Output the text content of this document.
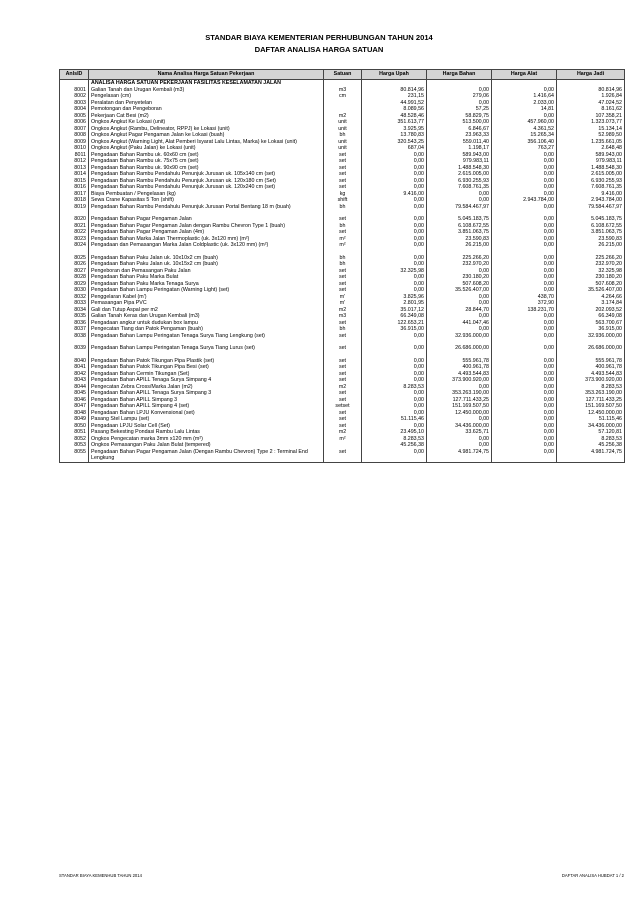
STANDAR BIAYA KEMENTERIAN PERHUBUNGAN TAHUN 2014
DAFTAR ANALISA HARGA SATUAN
AnlsID	Nama Analisa Harga Satuan Pekerjaan	Satuan	Harga Upah	Harga Bahan	Harga Alat	Harga Jadi
	ANALISA HARGA SATUAN PEKERJAAN FASILITAS KESELAMATAN JALAN					
8001	Galian Tanah dan Urugan Kembali (m3)	m3	80.814,96	0,00	0,00	80.814,96
8002	Pengelasan (cm)	cm	231,15	279,06	1.416,64	1.926,84
8003	Peralatan dan Penyetelan		44.991,52	0,00	2.033,00	47.024,52
8004	Pemotongan dan Pengeboran		8.089,56	57,25	14,81	8.161,62
8005	Pekerjaan Cat Besi (m2)	m2	48.528,46	58.829,75	0,00	107.358,21
8006	Ongkos Angkut Ke Lokasi (unit)	unit	351.613,77	513.500,00	457.960,00	1.323.073,77
8007	Ongkos Angkut (Rambu, Delineator, RPPJ) ke Lokasi (unit)	unit	3.925,95	6.846,67	4.361,52	15.134,14
8008	Ongkos Angkut Pagar Pengaman Jalan ke Lokasi (buah)	bh	13.780,83	23.963,33	15.265,34	52.989,50
8009	Ongkos Angkut (Warning Light, Alat Pemberi Isyarat Lalu Lintas, Marka) ke Lokasi (unit)	unit	320.543,25	559.011,40	356.106,40	1.235.661,05
8010	Ongkos Angkut (Paku Jalan) ke Lokasi (unit)	unit	687,04	1.198,17	763,27	2.648,48
8011	Pengadaan Bahan Rambu uk. 60x60 cm (set)	set	0,00	589.943,00	0,00	589.943,00
8012	Pengadaan Bahan Rambu uk. 75x75 cm (set)	set	0,00	979.983,11	0,00	979.983,11
8013	Pengadaan Bahan Rambu uk. 90x90 cm (set)	set	0,00	1.488.548,30	0,00	1.488.548,30
8014	Pengadaan Bahan Rambu Pendahulu Penunjuk Jurusan uk. 105x140 cm (set)	set	0,00	2.615.005,00	0,00	2.615.005,00
8015	Pengadaan Bahan Rambu Pendahulu Penunjuk Jurusan uk. 120x180 cm (Set)	set	0,00	6.930.255,93	0,00	6.930.255,93
8016	Pengadaan Bahan Rambu Pendahulu Penunjuk Jurusan uk. 120x240 cm (set)	set	0,00	7.608.761,35	0,00	7.608.761,35
8017	Biaya Pembuatan / Pengelasan (kg)	kg	9.416,00	0,00	0,00	9.416,00
8018	Sewa Crane Kapasitas 5 Ton (shift)	shift	0,00	0,00	2.943.784,00	2.943.784,00
8019	Pengadaan Bahan Rambu Pendahulu Penunjuk Jurusan Portal Bentang 18 m (buah)	bh	0,00	79.584.467,97	0,00	79.584.467,97

8020	Pengadaan Bahan Pagar Pengaman Jalan	set	0,00	5.045.183,75	0,00	5.045.183,75
8021	Pengadaan Bahan Pagar Pengaman Jalan dengan Rambu Chevron Type 1 (buah)	bh	0,00	6.108.672,55	0,00	6.108.672,55
8022	Pengadaan Bahan Pagar Pengaman Jalan (4m)	set	0,00	3.851.063,75	0,00	3.851.063,75
8023	Pengadaan Bahan Marka Jalan Thermoplastic (uk. 3x120 mm) (m²)	m²	0,00	23.590,83	0,00	23.590,83
8024	Pengadaan dan Pemasangan Marka Jalan Coldplastic (uk. 3x120 mm) (m²)	m²	0,00	26.215,00	0,00	26.215,00

8025	Pengadaan Bahan Paku Jalan uk. 10x10x2 cm (buah)	bh	0,00	225.266,20	0,00	225.266,20
8026	Pengadaan Bahan Paku Jalan uk. 10x15x2 cm (buah)	bh	0,00	232.970,20	0,00	232.970,20
8027	Pengeboran dan Pemasangan Paku Jalan	set	32.325,98	0,00	0,00	32.325,98
8028	Pengadaan Bahan Paku Marka Bulat	set	0,00	230.180,20	0,00	230.180,20
8029	Pengadaan Bahan Paku Marka Tenaga Surya	set	0,00	507.608,20	0,00	507.608,20
8030	Pengadaan Bahan Lampu Peringatan (Warning Light) (set)	set	0,00	35.526.407,00	0,00	35.526.407,00
8032	Penggelaran Kabel (m')	m'	3.825,96	0,00	438,70	4.264,66
8033	Pemasangan Pipa PVC	m'	2.801,95	0,00	372,90	3.174,84
8034	Gali dan Tutup Aspal per m2	m2	35.017,12	28.844,70	138.231,70	202.093,52
8035	Galian Tanah Keras dan Urugan Kembali (m3)	m3	66.349,08	0,00	0,00	66.349,08
8036	Pengadaan angkur untuk dudukan box lampu	set	122.653,21	441.047,46	0,00	563.700,67
8037	Pengecatan Tiang dan Patok Pengaman (buah)	bh	36.915,00	0,00	0,00	36.915,00
8038	Pengadaan Bahan Lampu Peringatan Tenaga Surya Tiang Lengkung (set)	set	0,00	32.936.000,00	0,00	32.936.000,00

8039	Pengadaan Bahan Lampu Peringatan Tenaga Surya Tiang Lurus (set)	set	0,00	26.686.000,00	0,00	26.686.000,00

8040	Pengadaan Bahan Patok Tikungan Pipa Plastik (set)	set	0,00	555.961,78	0,00	555.961,78
8041	Pengadaan Bahan Patok Tikungan Pipa Besi (set)	set	0,00	400.961,78	0,00	400.961,78
8042	Pengadaan Bahan Cermin Tikungan (Set)	set	0,00	4.493.544,83	0,00	4.493.544,83
8043	Pengadaan Bahan APILL Tenaga Surya Simpang 4	set	0,00	373.900.920,00	0,00	373.900.920,00
8044	Pengecatan Zebra Cross/Marka Jalan (m2)	m2	8.283,53	0,00	0,00	8.283,53
8045	Pengadaan Bahan APILL Tenaga Surya Simpang 3	set	0,00	353.263.190,00	0,00	353.263.190,00
8046	Pengadaan Bahan APILL Simpang 3	set	0,00	127.711.433,25	0,00	127.711.433,25
8047	Pengadaan Bahan APILL Simpang 4 (set)	setset	0,00	151.169.507,50	0,00	151.169.507,50
8048	Pengadaan Bahan LPJU Konvensional (set)	set	0,00	12.450.000,00	0,00	12.450.000,00
8049	Pasang Stel Lampu (set)	set	51.115,46	0,00	0,00	51.115,46
8050	Pengadaan LPJU Solar Cell (Set)	set	0,00	34.436.000,00	0,00	34.436.000,00
8051	Pasang Bekesting Pondasi Rambu Lalu Lintas	m2	23.495,10	33.625,71	0,00	57.120,81
8052	Ongkos Pengecatan marka 3mm x120 mm (m²)	m²	8.283,53	0,00	0,00	8.283,53
8053	Ongkos Pemasangan Paku Jalan Bulat (tempered)		45.256,38	0,00	0,00	45.256,38
8055	Pengadaan Bahan Pagar Pengaman Jalan (Dengan Rambu Chevron) Type 2 : Terminal End Lengkung	set	0,00	4.981.724,75	0,00	4.981.724,75
STANDAR BIAYA KEMENHUB TAHUN 2014	DAFTAR ANALISA HUBDAT 1 / 2
